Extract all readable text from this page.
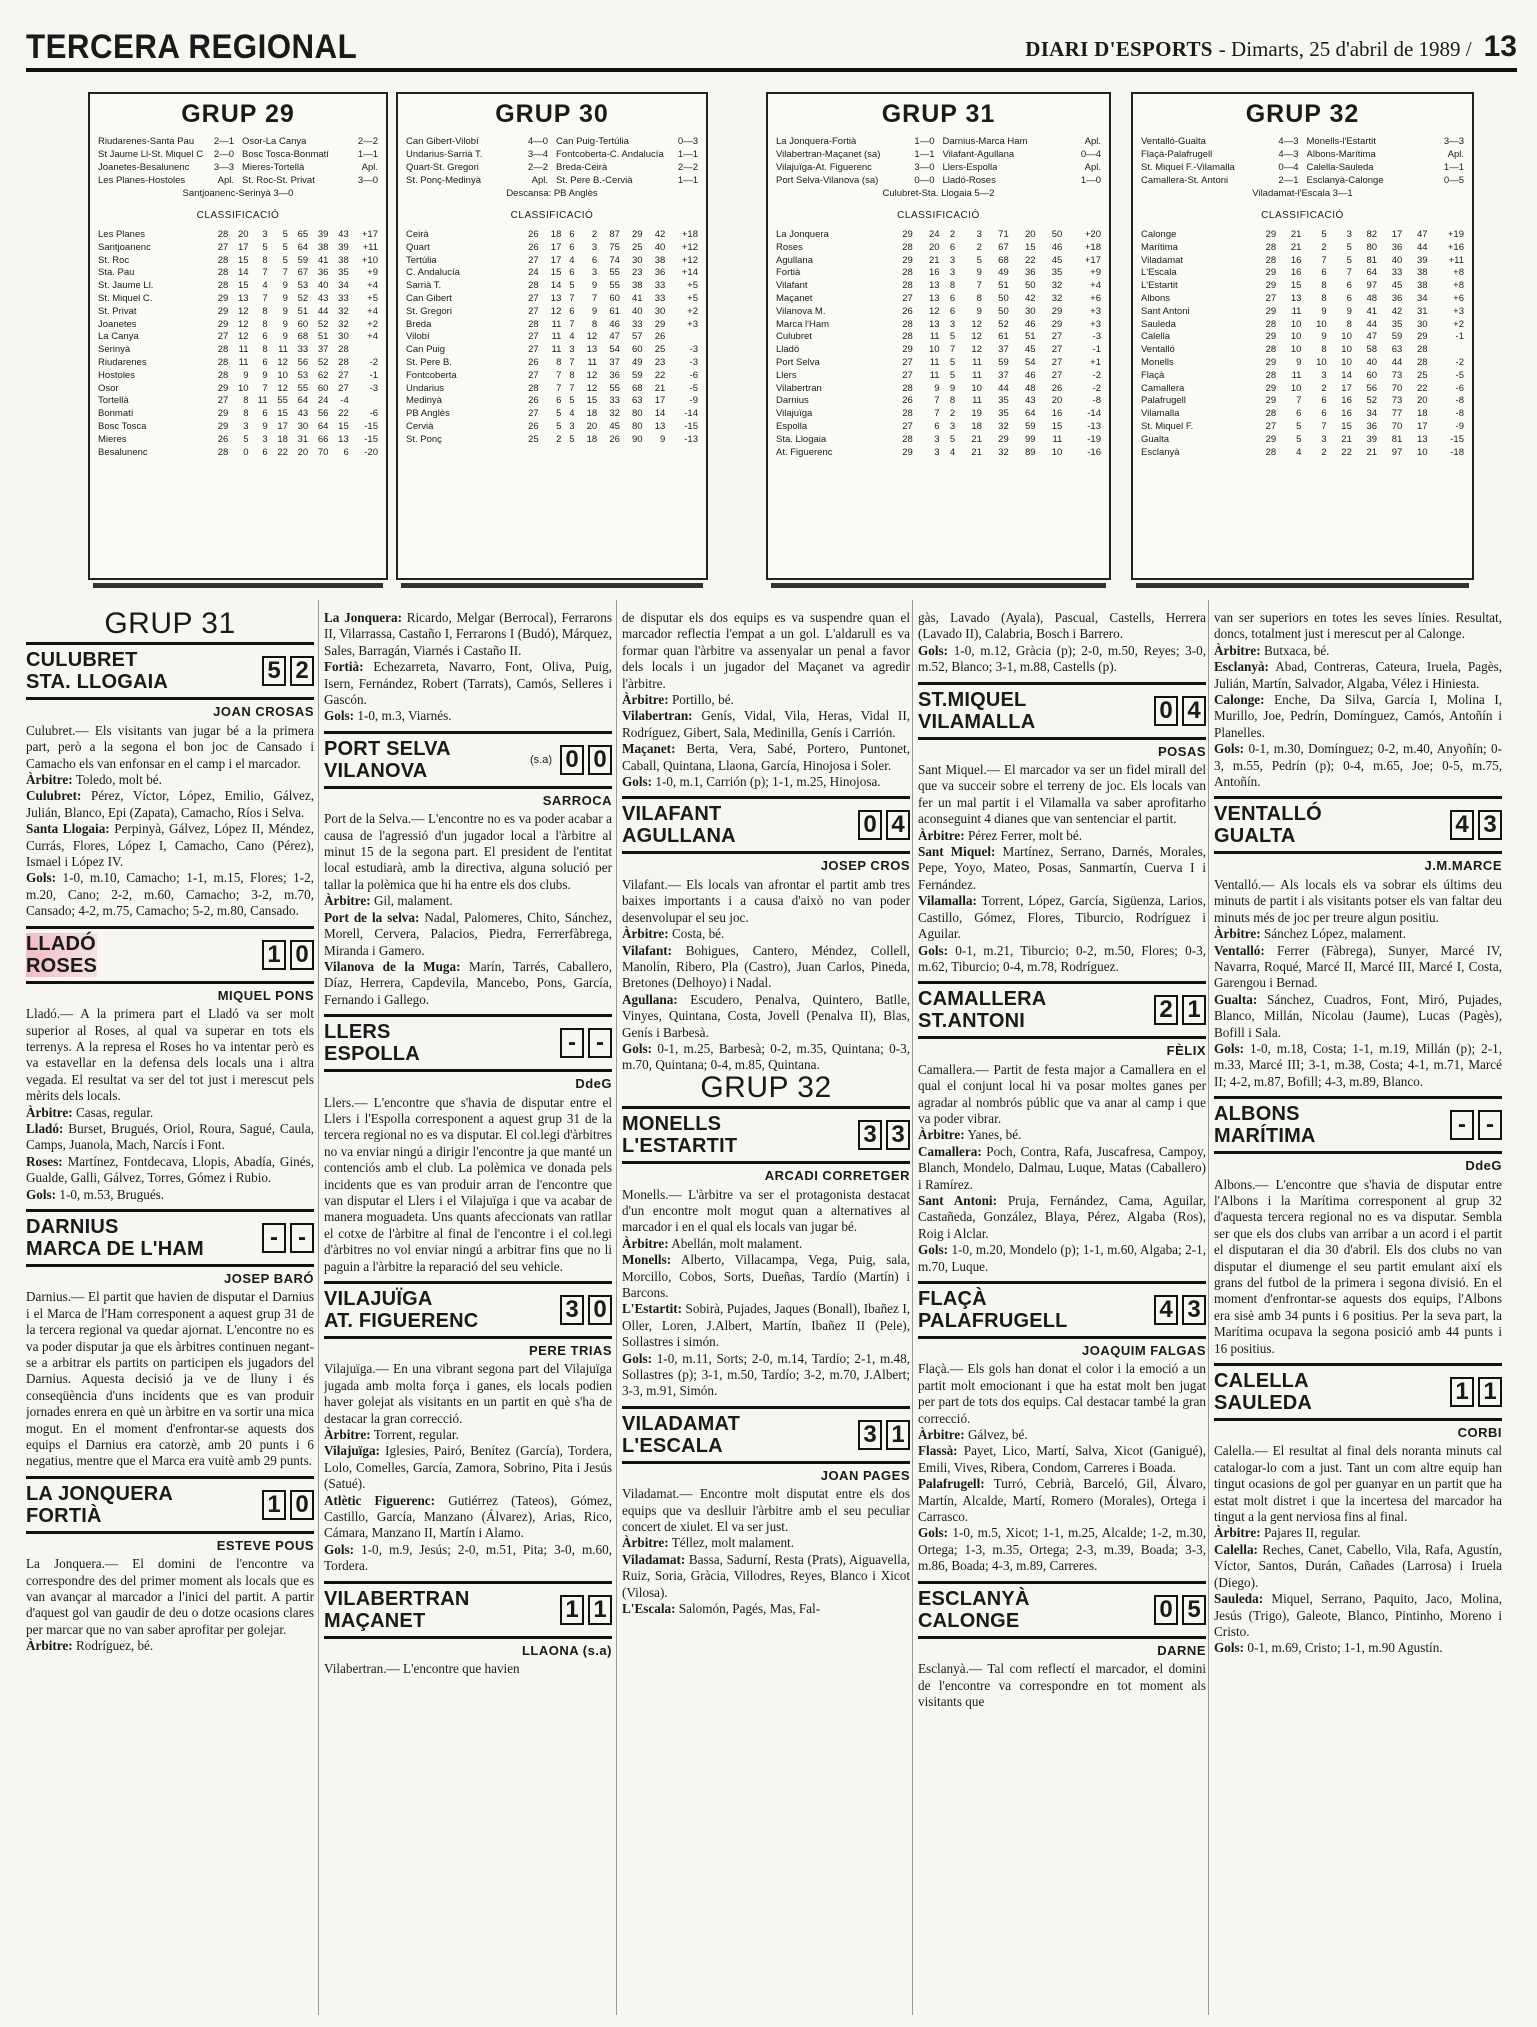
TERCERA REGIONAL	DIARI D'ESPORTS - Dimarts, 25 d'abril de 1989 / 13
GRUP 29
Riudarenes-Santa Pau	2—1 Osor-La Canya	2—2
St Jaume Ll-St. Miquel C	2—0 Bosc Tosca-Bonmatí	1—1
Joanetes-Besalunenc	3—3 Mieres-Tortellà	Apl.
Les Planes-Hostoles	Apl. St. Roc-St. Privat	3—0
Santjoanenc-Serinyà 3—0
CLASSIFICACIÓ
Les Planes	28	20	3	5	65	39	43	+17
Santjoanenc	27	17	5	5	64	38	39	+11
St. Roc	28	15	8	5	59	41	38	+10
Sta. Pau	28	14	7	7	67	36	35	+9
St. Jaume Ll.	28	15	4	9	53	40	34	+4
St. Miquel C.	29	13	7	9	52	43	33	+5
St. Privat	29	12	8	9	51	44	32	+4
Joanetes	29	12	8	9	60	52	32	+2
La Canya	27	12	6	9	68	51	30	+4
Serinyà	28	11	8	11	33	37	28	
Riudarenes	28	11	6	12	56	52	28	-2
Hostoles	28	9	9	10	53	62	27	-1
Osor	29	10	7	12	55	60	27	-3
Tortellà	27	8	11	55	64	24	-4	
Bonmatí	29	8	6	15	43	56	22	-6
Bosc Tosca	29	3	9	17	30	64	15	-15
Mieres	26	5	3	18	31	66	13	-15
Besalunenc	28	0	6	22	20	70	6	-20
GRUP 30
Can Gibert-Vilobí	4—0 Can Puig-Tertúlia	0—3
Undarius-Sarrià T.	3—4 Fontcoberta-C. Andalucía	1—1
Quart-St. Gregori	2—2 Breda-Ceirà	2—2
St. Ponç-Medinyà	Apl. St. Pere B.-Cervià	1—1
Descansa: PB Anglès
CLASSIFICACIÓ
Ceirà	26	18	6	2	87	29	42	+18
Quart	26	17	6	3	75	25	40	+12
Tertúlia	27	17	4	6	74	30	38	+12
C. Andalucía	24	15	6	3	55	23	36	+14
Sarrià T.	28	14	5	9	55	38	33	+5
Can Gibert	27	13	7	7	60	41	33	+5
St. Gregori	27	12	6	9	61	40	30	+2
Breda	28	11	7	8	46	33	29	+3
Vilobí	27	11	4	12	47	57	26	
Can Puig	27	11	3	13	54	60	25	-3
St. Pere B.	26	8	7	11	37	49	23	-3
Fontcoberta	27	7	8	12	36	59	22	-6
Undarius	28	7	7	12	55	68	21	-5
Medinyà	26	6	5	15	33	63	17	-9
PB Anglès	27	5	4	18	32	80	14	-14
Cervià	26	5	3	20	45	80	13	-15
St. Ponç	25	2	5	18	26	90	9	-13
GRUP 31
La Jonquera-Fortià	1—0 Darnius-Marca Ham	Apl.
Vilabertran-Maçanet (sa)	1—1 Vilafant-Agullana	0—4
Vilajuïga-At. Figuerenc	3—0 Llers-Espolla	Apl.
Port Selva-Vilanova (sa)	0—0 Lladó-Roses	1—0
Culubret-Sta. Llogaia 5—2
CLASSIFICACIÓ
La Jonquera	29	24	2	3	71	20	50	+20
Roses	28	20	6	2	67	15	46	+18
Agullana	29	21	3	5	68	22	45	+17
Fortià	28	16	3	9	49	36	35	+9
Vilafant	28	13	8	7	51	50	32	+4
Maçanet	27	13	6	8	50	42	32	+6
Vilanova M.	26	12	6	9	50	30	29	+3
Marca l'Ham	28	13	3	12	52	46	29	+3
Culubret	28	11	5	12	61	51	27	-3
Lladó	29	10	7	12	37	45	27	-1
Port Selva	27	11	5	11	59	54	27	+1
Llers	27	11	5	11	37	46	27	-2
Vilabertran	28	9	9	10	44	48	26	-2
Darnius	26	7	8	11	35	43	20	-8
Vilajuïga	28	7	2	19	35	64	16	-14
Espolla	27	6	3	18	32	59	15	-13
Sta. Llogaia	28	3	5	21	29	99	11	-19
At. Figuerenc	29	3	4	21	32	89	10	-16
GRUP 32
Ventalló-Gualta	4—3 Monells-l'Estartit	3—3
Flaçà-Palafrugell	4—3 Albons-Marítima	Apl.
St. Miquel F.-Vilamalla	0—4 Calella-Sauleda	1—1
Camallera-St. Antoni	2—1 Esclanyà-Calonge	0—5
Viladamat-l'Escala 3—1
CLASSIFICACIÓ
Calonge	29	21	5	3	82	17	47	+19
Marítima	28	21	2	5	80	36	44	+16
Viladamat	28	16	7	5	81	40	39	+11
L'Escala	29	16	6	7	64	33	38	+8
L'Estartit	29	15	8	6	97	45	38	+8
Albons	27	13	8	6	48	36	34	+6
Sant Antoni	29	11	9	9	41	42	31	+3
Sauleda	28	10	10	8	44	35	30	+2
Calella	29	10	9	10	47	59	29	-1
Ventalló	28	10	8	10	58	63	28	
Monells	29	9	10	10	40	44	28	-2
Flaçà	28	11	3	14	60	73	25	-5
Camallera	29	10	2	17	56	70	22	-6
Palafrugell	29	7	6	16	52	73	20	-8
Vilamalla	28	6	6	16	34	77	18	-8
St. Miquel F.	27	5	7	15	36	70	17	-9
Gualta	29	5	3	21	39	81	13	-15
Esclanyà	28	4	2	22	21	97	10	-18
GRUP 31
CULUBRET
STA. LLOGAIA	5 2
JOAN CROSAS

Culubret.— Els visitants van jugar bé a la primera part, però a la segona el bon joc de Cansado i Camacho els van enfonsar en el camp i el marcador.

Àrbitre: Toledo, molt bé.

Culubret: Pérez, Víctor, López, Emilio, Gálvez, Julián, Blanco, Epi (Zapata), Camacho, Ríos i Selva.

Santa Llogaia: Perpinyà, Gálvez, López II, Méndez, Currás, Flores, López I, Camacho, Cano (Pérez), Ismael i López IV.

Gols: 1-0, m.10, Camacho; 1-1, m.15, Flores; 1-2, m.20, Cano; 2-2, m.60, Camacho; 3-2, m.70, Cansado; 4-2, m.75, Camacho; 5-2, m.80, Cansado.

LLADÓ
ROSES	1 0
MIQUEL PONS

Lladó.— A la primera part el Lladó va ser molt superior al Roses, al qual va superar en tots els terrenys. A la represa el Roses ho va intentar però es va estavellar en la defensa dels locals una i altra vegada. El resultat va ser del tot just i merescut pels mèrits dels locals.

Àrbitre: Casas, regular.

Lladó: Burset, Brugués, Oriol, Roura, Sagué, Caula, Camps, Juanola, Mach, Narcís i Font.

Roses: Martínez, Fontdecava, Llopis, Abadía, Ginés, Gualde, Galli, Gálvez, Torres, Gómez i Rubio.

Gols: 1-0, m.53, Brugués.

DARNIUS
MARCA DE L'HAM	- -
JOSEP BARÓ

Darnius.— El partit que havien de disputar el Darnius i el Marca de l'Ham corresponent a aquest grup 31 de la tercera regional va quedar ajornat. L'encontre no es va poder disputar ja que els àrbitres continuen negant-se a arbitrar els partits on participen els jugadors del Darnius. Aquesta decisió ja ve de lluny i és conseqüència d'uns incidents que es van produir jornades enrera en què un àrbitre en va sortir una mica mogut. En el moment d'enfrontar-se aquests dos equips el Darnius era catorzè, amb 20 punts i 6 negatius, mentre que el Marca era vuitè amb 29 punts.

LA JONQUERA
FORTIÀ	1 0
ESTEVE POUS

La Jonquera.— El domini de l'encontre va correspondre des del primer moment als locals que es van avançar al marcador a l'inici del partit. A partir d'aquest gol van gaudir de deu o dotze ocasions clares per marcar que no van saber aprofitar per golejar.

Àrbitre: Rodríguez, bé.

La Jonquera: Ricardo, Melgar (Berrocal), Ferrarons II, Vilarrassa, Castaño I, Ferrarons I (Budó), Márquez, Sales, Barragán, Viarnés i Castaño II.

Fortià: Echezarreta, Navarro, Font, Oliva, Puig, Isern, Fernández, Robert (Tarrats), Camós, Selleres i Gascón.

Gols: 1-0, m.3, Viarnés.

PORT SELVA
VILANOVA
(s.a) 0 0
SARROCA

Port de la Selva.— L'encontre no es va poder acabar a causa de l'agressió d'un jugador local a l'àrbitre al minut 15 de la segona part. El president de l'entitat local estudiarà, amb la directiva, alguna solució per tallar la polèmica que hi ha entre els dos clubs.

Àrbitre: Gil, malament.

Port de la selva: Nadal, Palomeres, Chito, Sánchez, Morell, Cervera, Palacios, Piedra, Ferrerfàbrega, Miranda i Gamero.

Vilanova de la Muga: Marín, Tarrés, Caballero, Díaz, Herrera, Capdevila, Mancebo, Pons, García, Fernando i Gallego.

LLERS
ESPOLLA	- -
DdeG

Llers.— L'encontre que s'havia de disputar entre el Llers i l'Espolla corresponent a aquest grup 31 de la tercera regional no es va disputar. El col.legi d'àrbitres no va enviar ningú a dirigir l'encontre ja que manté un contenciós amb el club. La polèmica ve donada pels incidents que es van produir arran de l'encontre que van disputar el Llers i el Vilajuïga i que va acabar de manera moguadeta. Uns quants afeccionats van ratllar el cotxe de l'àrbitre al final de l'encontre i el col.legi d'àrbitres no vol enviar ningú a arbitrar fins que no li paguin a l'àrbitre la reparació del seu vehicle.

VILAJUÏGA
AT. FIGUERENC	3 0
PERE TRIAS

Vilajuïga.— En una vibrant segona part del Vilajuïga jugada amb molta força i ganes, els locals podien haver golejat als visitants en un partit en què s'ha de destacar la gran correcció.

Àrbitre: Torrent, regular.

Vilajuïga: Iglesies, Pairó, Benítez (García), Tordera, Lolo, Comelles, García, Zamora, Sobrino, Pita i Jesús (Satué).

Atlètic Figuerenc: Gutiérrez (Tateos), Gómez, Castillo, García, Manzano (Álvarez), Arias, Rico, Cámara, Manzano II, Martín i Alamo.

Gols: 1-0, m.9, Jesús; 2-0, m.51, Pita; 3-0, m.60, Tordera.

VILABERTRAN
MAÇANET	1 1
LLAONA (s.a)

Vilabertran.— L'encontre que havien

de disputar els dos equips es va suspendre quan el marcador reflectia l'empat a un gol. L'aldarull es va formar quan l'àrbitre va assenyalar un penal a favor dels locals i un jugador del Maçanet va agredir l'àrbitre.

Àrbitre: Portillo, bé.

Vilabertran: Genís, Vidal, Vila, Heras, Vidal II, Rodríguez, Gibert, Sala, Medinilla, Genís i Carrión.

Maçanet: Berta, Vera, Sabé, Portero, Puntonet, Caball, Quintana, Llaona, García, Hinojosa i Soler.

Gols: 1-0, m.1, Carrión (p); 1-1, m.25, Hinojosa.

VILAFANT
AGULLANA	0 4
JOSEP CROS

Vilafant.— Els locals van afrontar el partit amb tres baixes importants i a causa d'això no van poder desenvolupar el seu joc.

Àrbitre: Costa, bé.

Vilafant: Bohigues, Cantero, Méndez, Collell, Manolín, Ribero, Pla (Castro), Juan Carlos, Pineda, Bretones (Delhoyo) i Nadal.

Agullana: Escudero, Penalva, Quintero, Batlle, Vinyes, Quintana, Costa, Jovell (Penalva II), Blas, Genís i Barbesà.

Gols: 0-1, m.25, Barbesà; 0-2, m.35, Quintana; 0-3, m.70, Quintana; 0-4, m.85, Quintana.

GRUP 32
MONELLS
L'ESTARTIT	3 3
ARCADI CORRETGER

Monells.— L'àrbitre va ser el protagonista destacat d'un encontre molt mogut quan a alternatives al marcador i en el qual els locals van jugar bé.

Àrbitre: Abellán, molt malament.

Monells: Alberto, Villacampa, Vega, Puig, sala, Morcillo, Cobos, Sorts, Dueñas, Tardío (Martín) i Barcons.

L'Estartit: Sobirà, Pujades, Jaques (Bonall), Ibañez I, Oller, Loren, J.Albert, Martín, Ibañez II (Pele), Sollastres i simón.

Gols: 1-0, m.11, Sorts; 2-0, m.14, Tardío; 2-1, m.48, Sollastres (p); 3-1, m.50, Tardío; 3-2, m.70, J.Albert; 3-3, m.91, Simón.

VILADAMAT
L'ESCALA	3 1
JOAN PAGES

Viladamat.— Encontre molt disputat entre els dos equips que va deslluir l'àrbitre amb el seu peculiar concert de xiulet. El va ser just.

Àrbitre: Téllez, molt malament.

Viladamat: Bassa, Sadurní, Resta (Prats), Aiguavella, Ruiz, Soria, Gràcia, Villodres, Reyes, Blanco i Xicot (Vilosa).

L'Escala: Salomón, Pagés, Mas, Fal-

gàs, Lavado (Ayala), Pascual, Castells, Herrera (Lavado II), Calabria, Bosch i Barrero.

Gols: 1-0, m.12, Gràcia (p); 2-0, m.50, Reyes; 3-0, m.52, Blanco; 3-1, m.88, Castells (p).

ST.MIQUEL
VILAMALLA	0 4
POSAS

Sant Miquel.— El marcador va ser un fidel mirall del que va succeir sobre el terreny de joc. Els locals van fer un mal partit i el Vilamalla va saber aprofitarho aconseguint 4 dianes que van sentenciar el partit.

Àrbitre: Pérez Ferrer, molt bé.

Sant Miquel: Martínez, Serrano, Darnés, Morales, Pepe, Yoyo, Mateo, Posas, Sanmartín, Cuerva I i Fernández.

Vilamalla: Torrent, López, García, Sigüenza, Larios, Castillo, Gómez, Flores, Tiburcio, Rodríguez i Aguilar.

Gols: 0-1, m.21, Tiburcio; 0-2, m.50, Flores; 0-3, m.62, Tiburcio; 0-4, m.78, Rodríguez.

CAMALLERA
ST.ANTONI	2 1
FÈLIX

Camallera.— Partit de festa major a Camallera en el qual el conjunt local hi va posar moltes ganes per agradar al nombrós públic que va anar al camp i que va poder vibrar.

Àrbitre: Yanes, bé.

Camallera: Poch, Contra, Rafa, Juscafresa, Campoy, Blanch, Mondelo, Dalmau, Luque, Matas (Caballero) i Ramírez.

Sant Antoni: Pruja, Fernández, Cama, Aguilar, Castañeda, González, Blaya, Pérez, Algaba (Ros), Roig i Alclar.

Gols: 1-0, m.20, Mondelo (p); 1-1, m.60, Algaba; 2-1, m.70, Luque.

FLAÇÀ
PALAFRUGELL	4 3
JOAQUIM FALGAS

Flaçà.— Els gols han donat el color i la emoció a un partit molt emocionant i que ha estat molt ben jugat per part de tots dos equips. Cal destacar també la gran correcció.

Àrbitre: Gálvez, bé.

Flassà: Payet, Lico, Martí, Salva, Xicot (Ganigué), Emili, Vives, Ribera, Condom, Carreres i Boada.

Palafrugell: Turró, Cebrià, Barceló, Gil, Álvaro, Martín, Alcalde, Martí, Romero (Morales), Ortega i Carrasco.

Gols: 1-0, m.5, Xicot; 1-1, m.25, Alcalde; 1-2, m.30, Ortega; 1-3, m.35, Ortega; 2-3, m.39, Boada; 3-3, m.86, Boada; 4-3, m.89, Carreres.

ESCLANYÀ
CALONGE	0 5
DARNE

Esclanyà.— Tal com reflectí el marcador, el domini de l'encontre va correspondre en tot moment als visitants que

van ser superiors en totes les seves línies. Resultat, doncs, totalment just i merescut per al Calonge.

Àrbitre: Butxaca, bé.

Esclanyà: Abad, Contreras, Cateura, Iruela, Pagès, Julián, Martín, Salvador, Algaba, Vélez i Hiniesta.

Calonge: Enche, Da Silva, García I, Molina I, Murillo, Joe, Pedrín, Domínguez, Camós, Antoñín i Planelles.

Gols: 0-1, m.30, Domínguez; 0-2, m.40, Anyoñín; 0-3, m.55, Pedrín (p); 0-4, m.65, Joe; 0-5, m.75, Antoñín.

VENTALLÓ
GUALTA	4 3
J.M.MARCE

Ventalló.— Als locals els va sobrar els últims deu minuts de partit i als visitants potser els van faltar deu minuts més de joc per treure algun positiu.

Àrbitre: Sánchez López, malament.

Ventalló: Ferrer (Fàbrega), Sunyer, Marcé IV, Navarra, Roqué, Marcé II, Marcé III, Marcé I, Costa, Garengou i Bernad.

Gualta: Sánchez, Cuadros, Font, Miró, Pujades, Blanco, Millán, Nicolau (Jaume), Lucas (Pagès), Bofill i Sala.

Gols: 1-0, m.18, Costa; 1-1, m.19, Millán (p); 2-1, m.33, Marcé III; 3-1, m.38, Costa; 4-1, m.71, Marcé II; 4-2, m.87, Bofill; 4-3, m.89, Blanco.

ALBONS
MARÍTIMA	- -
DdeG

Albons.— L'encontre que s'havia de disputar entre l'Albons i la Marítima corresponent al grup 32 d'aquesta tercera regional no es va disputar. Sembla ser que els dos clubs van arribar a un acord i el partit el disputaran el dia 30 d'abril. Els dos clubs no van disputar el diumenge el seu partit emulant així els grans del futbol de la primera i segona divisió. En el moment d'enfrontar-se aquests dos equips, l'Albons era sisè amb 34 punts i 6 positius. Per la seva part, la Marítima ocupava la segona posició amb 44 punts i 16 positius.

CALELLA
SAULEDA	1 1
CORBI

Calella.— El resultat al final dels noranta minuts cal catalogar-lo com a just. Tant un com altre equip han tingut ocasions de gol per guanyar en un partit que ha estat molt distret i que la incertesa del marcador ha tingut a la gent nerviosa fins al final.

Àrbitre: Pajares II, regular.

Calella: Reches, Canet, Cabello, Vila, Rafa, Agustín, Víctor, Santos, Durán, Cañades (Larrosa) i Iruela (Diego).

Sauleda: Miquel, Serrano, Paquito, Jaco, Molina, Jesús (Trigo), Galeote, Blanco, Pintinho, Moreno i Cristo.

Gols: 0-1, m.69, Cristo; 1-1, m.90 Agustín.
